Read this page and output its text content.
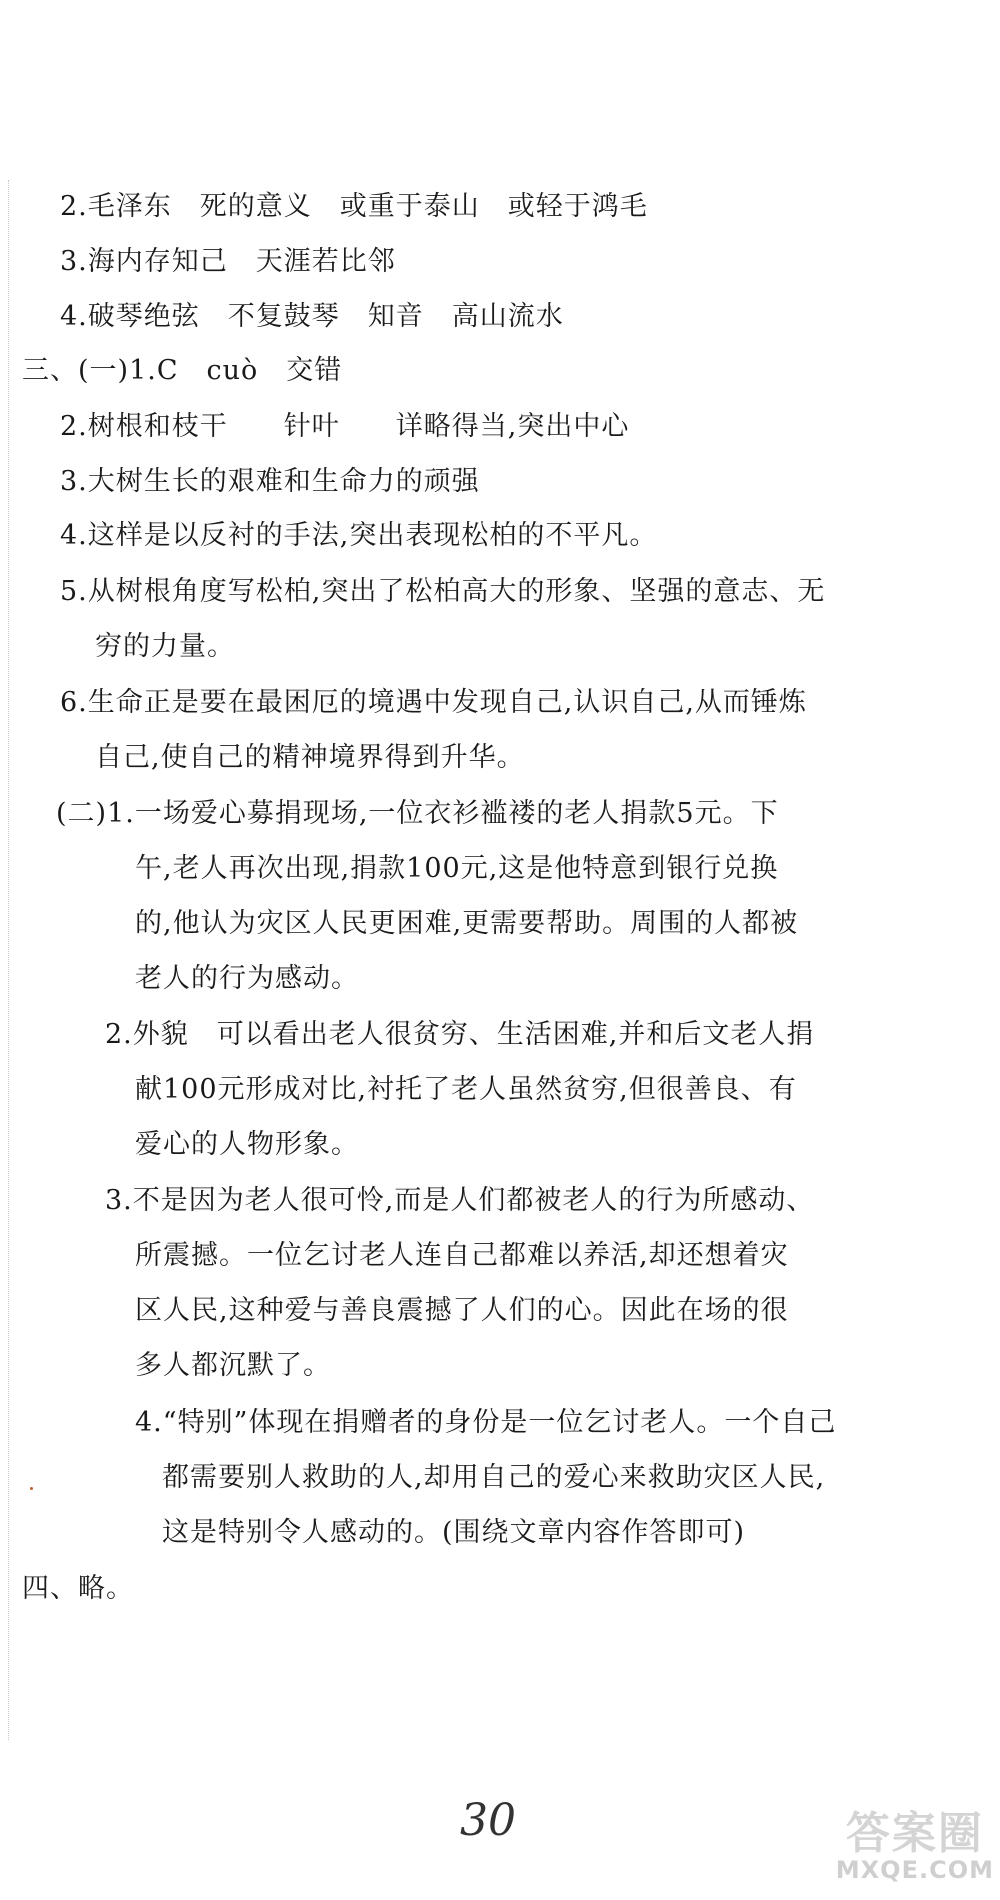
2.毛泽东　死的意义　或重于泰山　或轻于鸿毛
3.海内存知己　天涯若比邻
4.破琴绝弦　不复鼓琴　知音　高山流水
三、(一)1.C　cuò　交错
2.树根和枝干　　针叶　　详略得当,突出中心
3.大树生长的艰难和生命力的顽强
4.这样是以反衬的手法,突出表现松柏的不平凡。
5.从树根角度写松柏,突出了松柏高大的形象、坚强的意志、无
穷的力量。
6.生命正是要在最困厄的境遇中发现自己,认识自己,从而锤炼
自己,使自己的精神境界得到升华。
(二)1.一场爱心募捐现场,一位衣衫褴褛的老人捐款5元。下
午,老人再次出现,捐款100元,这是他特意到银行兑换
的,他认为灾区人民更困难,更需要帮助。周围的人都被
老人的行为感动。
2.外貌　可以看出老人很贫穷、生活困难,并和后文老人捐
献100元形成对比,衬托了老人虽然贫穷,但很善良、有
爱心的人物形象。
3.不是因为老人很可怜,而是人们都被老人的行为所感动、
所震撼。一位乞讨老人连自己都难以养活,却还想着灾
区人民,这种爱与善良震撼了人们的心。因此在场的很
多人都沉默了。
4.“特别”体现在捐赠者的身份是一位乞讨老人。一个自己
都需要别人救助的人,却用自己的爱心来救助灾区人民,
这是特别令人感动的。(围绕文章内容作答即可)
四、略。
30	答案圈
MXQE.COM
